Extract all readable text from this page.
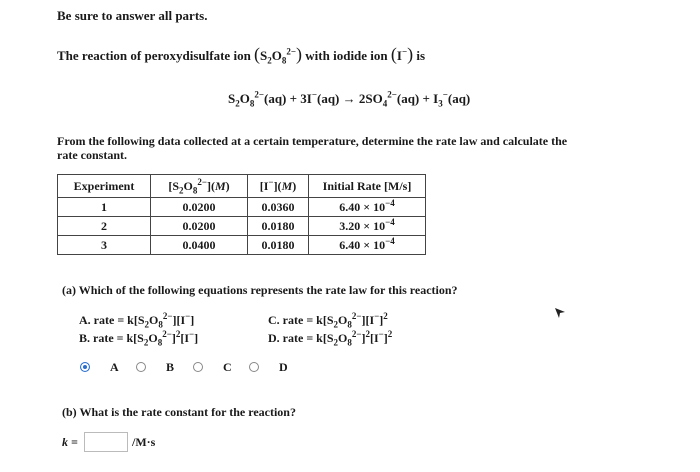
Be sure to answer all parts.
The reaction of peroxydisulfate ion $(S_2O_8^{2-})$ with iodide ion (I−) is
$S_2O_8^{2-}(aq) + 3I^-(aq) \to 2SO_4^{2-}(aq) + I_3^-(aq)$
From the following data collected at a certain temperature, determine the rate law and calculate the
rate constant.
Experiment	$[S_2O_8^{2-}](M)$	[I−](M)	Initial Rate [M/s]
1	0.0200	0.0360	$6.40 \times 10^{-4}$
2	0.0200	0.0180	$3.20 \times 10^{-4}$
3	0.0400	0.0180	$6.40 \times 10^{-4}$
(a) Which of the following equations represents the rate law for this reaction?
A. rate = $k[S_2O_8^{2-}][I^-]$
B. rate = $k[S_2O_8^{2-}]^2[I^-]$
C. rate = $k[S_2O_8^{2-}][I^-]^2$
D. rate = $k[S_2O_8^{2-}]^2[I^-]^2$
A	B	C	D
(b) What is the rate constant for the reaction?
k =	/M·s
